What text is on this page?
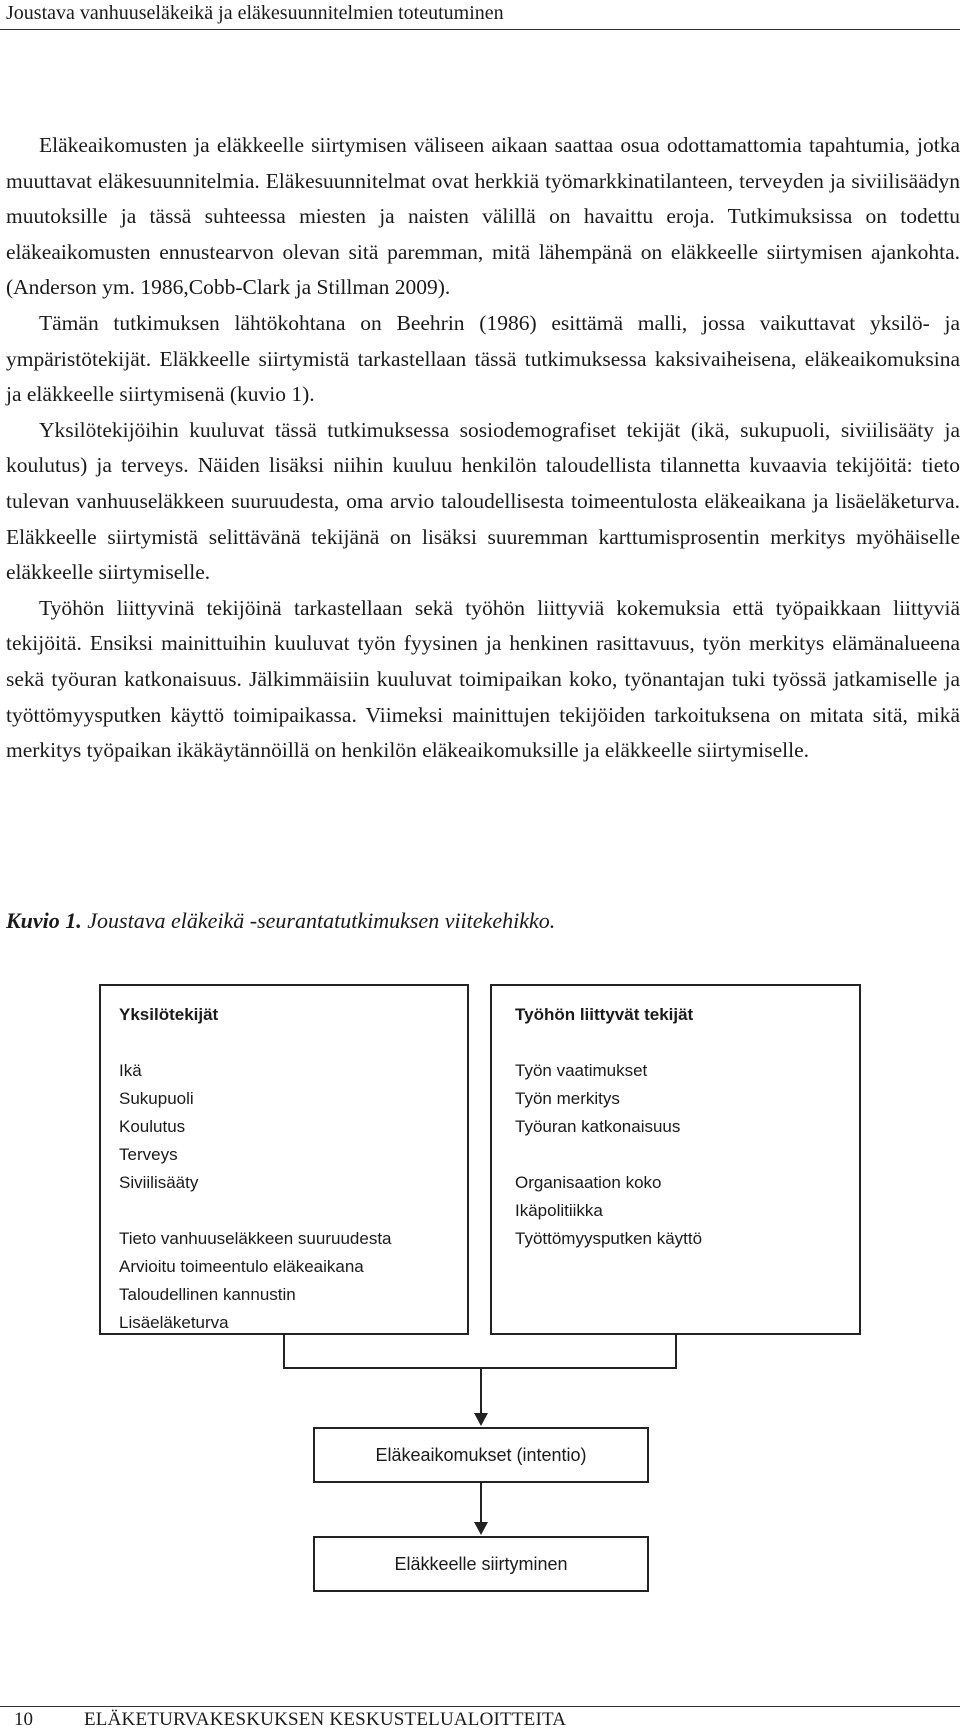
Joustava vanhuuseläkeikä ja eläkesuunnitelmien toteutuminen

Eläkeaikomusten ja eläkkeelle siirtymisen väliseen aikaan saattaa osua odottamattomia tapahtumia, jotka muuttavat eläkesuunnitelmia. Eläkesuunnitelmat ovat herkkiä työmarkkinatilanteen, terveyden ja siviilisäädyn muutoksille ja tässä suhteessa miesten ja naisten välillä on havaittu eroja. Tutkimuksissa on todettu eläkeaikomusten ennustearvon olevan sitä paremman, mitä lähempänä on eläkkeelle siirtymisen ajankohta. (Anderson ym. 1986,Cobb-Clark ja Stillman 2009).

Tämän tutkimuksen lähtökohtana on Beehrin (1986) esittämä malli, jossa vaikuttavat yksilö- ja ympäristötekijät. Eläkkeelle siirtymistä tarkastellaan tässä tutkimuksessa kaksivaiheisena, eläkeaikomuksina ja eläkkeelle siirtymisenä (kuvio 1).

Yksilötekijöihin kuuluvat tässä tutkimuksessa sosiodemografiset tekijät (ikä, sukupuoli, siviilisääty ja koulutus) ja terveys. Näiden lisäksi niihin kuuluu henkilön taloudellista tilannetta kuvaavia tekijöitä: tieto tulevan vanhuuseläkkeen suuruudesta, oma arvio taloudellisesta toimeentulosta eläkeaikana ja lisäeläketurva. Eläkkeelle siirtymistä selittävänä tekijänä on lisäksi suuremman karttumisprosentin merkitys myöhäiselle eläkkeelle siirtymiselle.

Työhön liittyvinä tekijöinä tarkastellaan sekä työhön liittyviä kokemuksia että työpaikkaan liittyviä tekijöitä. Ensiksi mainittuihin kuuluvat työn fyysinen ja henkinen rasittavuus, työn merkitys elämänalueena sekä työuran katkonaisuus. Jälkimmäisiin kuuluvat toimipaikan koko, työnantajan tuki työssä jatkamiselle ja työttömyysputken käyttö toimipaikassa. Viimeksi mainittujen tekijöiden tarkoituksena on mitata sitä, mikä merkitys työpaikan ikäkäytännöillä on henkilön eläkeaikomuksille ja eläkkeelle siirtymiselle.

Kuvio 1. Joustava eläkeikä -seurantatutkimuksen viitekehikko.
Yksilötekijät
Ikä
Sukupuoli
Koulutus
Terveys
Siviilisääty
Tieto vanhuuseläkkeen suuruudesta
Arvioitu toimeentulo eläkeaikana
Taloudellinen kannustin
Lisäeläketurva
Työhön liittyvät tekijät
Työn vaatimukset
Työn merkitys
Työuran katkonaisuus
Organisaation koko
Ikäpolitiikka
Työttömyysputken käyttö
Eläkeaikomukset (intentio)
Eläkkeelle siirtyminen
10	ELÄKETURVAKESKUKSEN KESKUSTELUALOITTEITA
